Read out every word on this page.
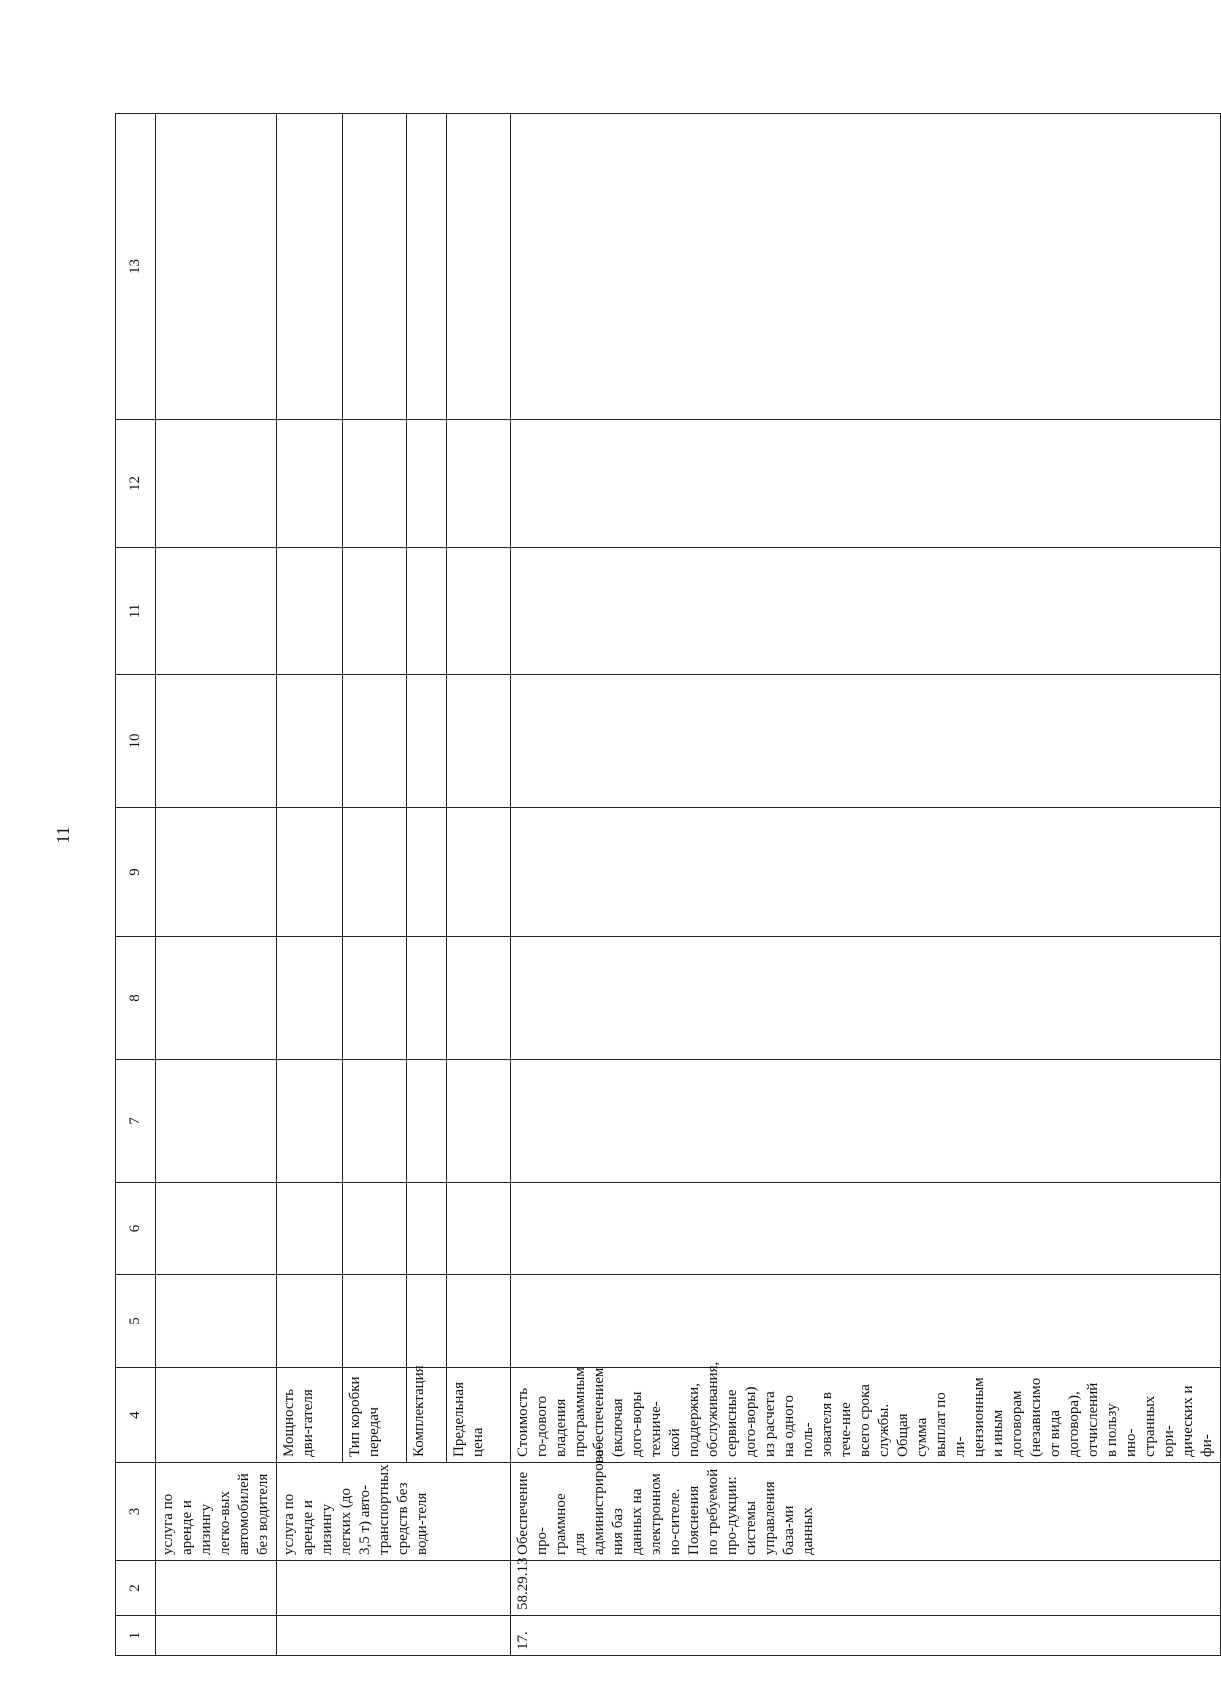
11
1	2	3	4	5	6	7	8	9	10	11	12	13
		услуга по аренде и лизингу легко-вых автомобилей без водителя										
		услуга по аренде и лизингу легких (до 3,5 т) авто-транспортных средств без води-теля	Мощность дви-гателя									
			Тип коробки передач									
			Комплектация									
			Предельная цена									
17.	58.29.13	Обеспечение про-граммное для администрирова-ния баз данных на электронном но-сителе. Пояснения по требуемой про-дукции: системы управления база-ми данных	Стоимость го-дового владения программным обеспечением (включая дого-воры техниче-ской поддержки, обслуживания, сервисные дого-воры) из расчета на одного поль-зователя в тече-ние всего срока службы. Общая сумма выплат по ли-цензионным и иным договорам (независимо от вида договора), отчислений в пользу ино-странных юри-дических и фи-									
